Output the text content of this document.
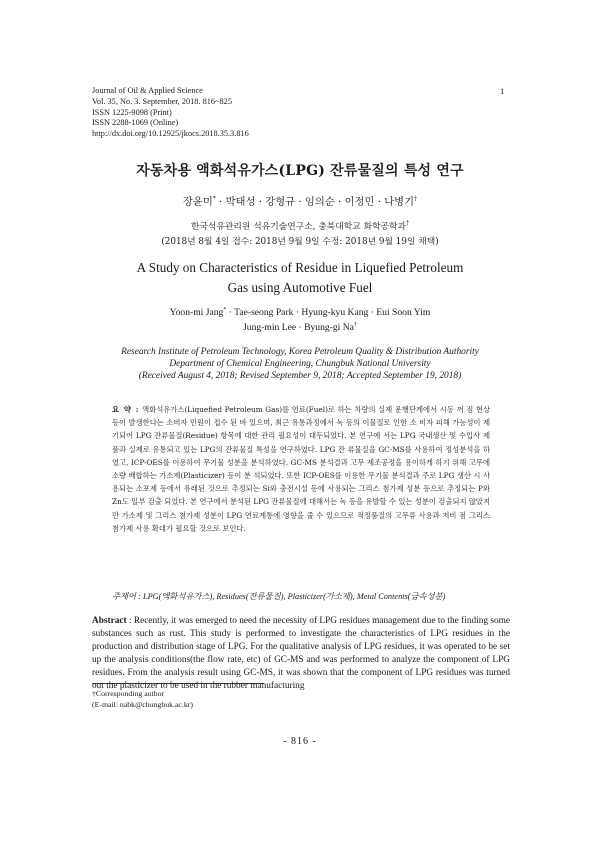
Journal of Oil & Applied Science
Vol. 35, No. 3. September, 2018. 816~825
ISSN 1225-9098 (Print)
ISSN 2288-1069 (Online)
http://dx.doi.org/10.12925/jkocs.2018.35.3.816
1
자동차용 액화석유가스(LPG) 잔류물질의 특성 연구
장윤미* · 박태성 · 강형규 · 임의순 · 이정민 · 나병기†
한국석유관리원 석유기술연구소, 충북대학교 화학공학과†
(2018년 8월 4일 접수: 2018년 9월 9일 수정: 2018년 9월 19일 채택)
A Study on Characteristics of Residue in Liquefied Petroleum
Gas using Automotive Fuel
Yoon-mi Jang* · Tae-seong Park · Hyung-kyu Kang · Eui Soon Yim
Jung-min Lee · Byung-gi Na†
Research Institute of Petroleum Technology, Korea Petroleum Quality & Distribution Authority
Department of Chemical Engineering, Chungbuk National University
(Received August 4, 2018; Revised September 9, 2018; Accepted September 19, 2018)
요 약 : 액화석유가스(Liquefied Petroleum Gas)를 연료(Fuel)로 하는 차량의 실제 운행단계에서 시동 꺼 짐 현상 등이 발생한다는 소비자 민원이 접수 된 바 있으며, 최근 유통과정에서 녹 등의 이물질로 인한 소 비자 피해 가능성이 제기되어 LPG 잔류물질(Residue) 항목에 대한 관리 필요성이 대두되었다. 본 연구에 서는 LPG 국내생산 및 수입사 제품과 실제로 유통되고 있는 LPG의 잔류물질 특성을 연구하였다. LPG 잔 류물질을 GC-MS를 사용하여 정성분석을 하였고, ICP-OES를 이용하여 무기물 성분을 분석하였다. GC-MS 분석결과 고무 제조공정을 용이하게 하기 위해 고무에 소량 배합하는 가소제(Plasticizer) 등이 분 석되었다. 또한 ICP-OES를 이용한 무기물 분석결과 주로 LPG 생산 시 사용되는 소포제 등에서 유래된 것으로 추정되는 Si와 충전시설 등에 사용되는 그리스 첨가제 성분 등으로 추정되는 P와 Zn도 일부 검출 되었다. 본 연구에서 분석된 LPG 잔류물질에 대해서는 녹 등을 유발할 수 있는 성분이 검출되지 않았지만 가소제 및 그리스 첨가제 성분이 LPG 연료계통에 영향을 줄 수 있으므로 적정품질의 고무류 사용과 저비 점 그리스 첨가제 사용 확대가 필요할 것으로 보인다.
주제어 : LPG(액화석유가스), Residues(잔류물질), Plasticizer(가소제), Metal Contents(금속성분)
Abstract : Recently, it was emerged to need the necessity of LPG residues management due to the finding some substances such as rust. This study is performed to investigate the characteristics of LPG residues in the production and distribution stage of LPG. For the qualitative analysis of LPG residues, it was operated to be set up the analysis conditions(the flow rate, etc) of GC-MS and was performed to analyze the component of LPG residues. From the analysis result using GC-MS, it was shown that the component of LPG residues was turned out the plasticizer to be used in the rubber manufacturing
†Corresponding author
(E-mail: nabk@chungbuk.ac.kr)
- 816 -
